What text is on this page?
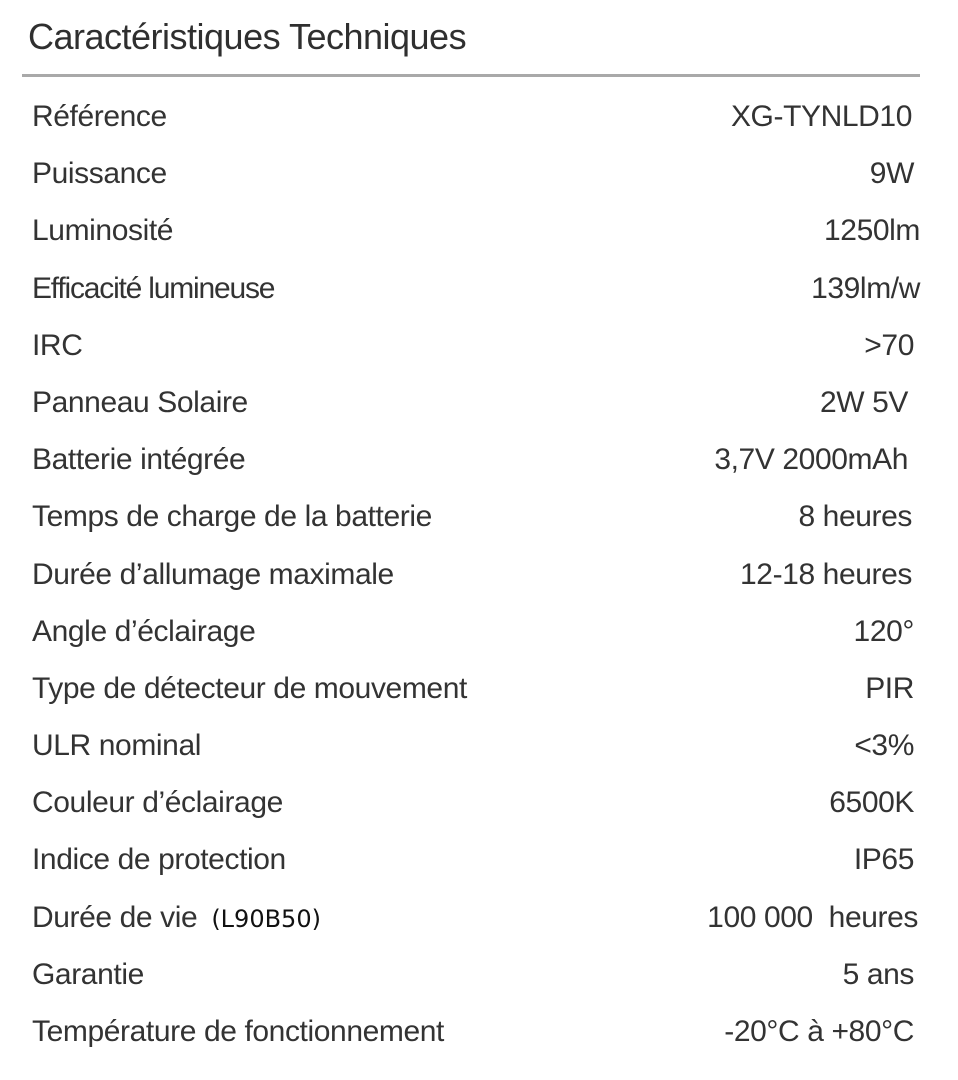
Caractéristiques Techniques
Référence	XG-TYNLD10
Puissance	9W
Luminosité	1250lm
Efficacité lumineuse	139lm/w
IRC	>70
Panneau Solaire	2W 5V
Batterie intégrée	3,7V 2000mAh
Temps de charge de la batterie	8 heures
Durée d’allumage maximale	12-18 heures
Angle d’éclairage	120°
Type de détecteur de mouvement	PIR
ULR nominal	<3%
Couleur d’éclairage	6500K
Indice de protection	IP65
Durée de vie (L90B50)	100 000  heures
Garantie	5 ans
Température de fonctionnement	-20°C à +80°C
